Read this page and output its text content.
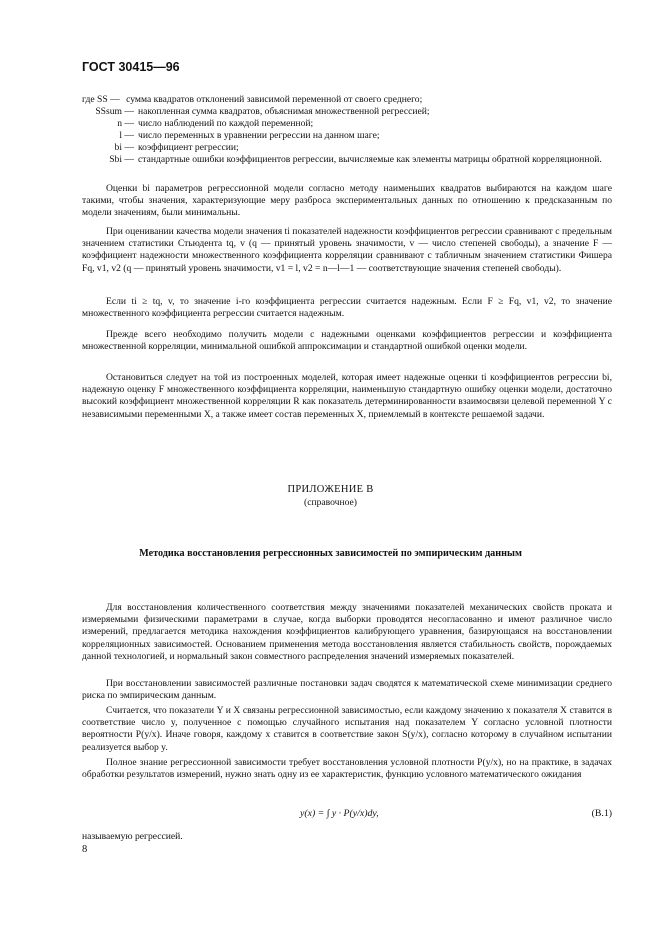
ГОСТ 30415—96
где SS —
сумма квадратов отклонений зависимой переменной от своего среднего;
SSsum — накопленная сумма квадратов, объяснимая множественной регрессией;
n — число наблюдений по каждой переменной;
l — число переменных в уравнении регрессии на данном шаге;
bi — коэффициент регрессии;
Sbi — стандартные ошибки коэффициентов регрессии, вычисляемые как элементы матрицы обратной корреляционной.

Оценки bi параметров регрессионной модели согласно методу наименьших квадратов выбираются на каждом шаге такими, чтобы значения, характеризующие меру разброса экспериментальных данных по отношению к предсказанным по модели значениям, были минимальны.

При оценивании качества модели значения ti показателей надежности коэффициентов регрессии сравнивают с предельным значением статистики Стьюдента tq, v (q — принятый уровень значимости, v — число степеней свободы), а значение F — коэффициент надежности множественного коэффициента корреляции сравнивают с табличным значением статистики Фишера Fq, v1, v2 (q — принятый уровень значимости, v1 = l, v2 = n—l—1 — соответствующие значения степеней свободы).

Если ti ≥ tq, v, то значение i-го коэффициента регрессии считается надежным. Если F ≥ Fq, v1, v2, то значение множественного коэффициента регрессии считается надежным.

Прежде всего необходимо получить модели с надежными оценками коэффициентов регрессии и коэффициента множественной корреляции, минимальной ошибкой аппроксимации и стандартной ошибкой оценки модели.

Остановиться следует на той из построенных моделей, которая имеет надежные оценки ti коэффициентов регрессии bi, надежную оценку F множественного коэффициента корреляции, наименьшую стандартную ошибку оценки модели, достаточно высокий коэффициент множественной корреляции R как показатель детерминированности взаимосвязи целевой переменной Y с независимыми переменными X, а также имеет состав переменных X, приемлемый в контексте решаемой задачи.

ПРИЛОЖЕНИЕ В
(справочное)
Методика восстановления регрессионных зависимостей по эмпирическим данным

Для восстановления количественного соответствия между значениями показателей механических свойств проката и измеряемыми физическими параметрами в случае, когда выборки проводятся несогласованно и имеют различное число измерений, предлагается методика нахождения коэффициентов калибрующего уравнения, базирующаяся на восстановлении корреляционных зависимостей. Основанием применения метода восстановления является стабильность свойств, порождаемых данной технологией, и нормальный закон совместного распределения значений измеряемых показателей.

При восстановлении зависимостей различные постановки задач сводятся к математической схеме минимизации среднего риска по эмпирическим данным.

Считается, что показатели Y и X связаны регрессионной зависимостью, если каждому значению x показателя X ставится в соответствие число y, полученное с помощью случайного испытания над показателем Y согласно условной плотности вероятности P(y/x). Иначе говоря, каждому x ставится в соответствие закон S(y/x), согласно которому в случайном испытании реализуется выбор y.

Полное знание регрессионной зависимости требует восстановления условной плотности P(y/x), но на практике, в задачах обработки результатов измерений, нужно знать одну из ее характеристик, функцию условного математического ожидания

y(x) = ∫ y · P(y/x)dy,	(В.1)
называемую регрессией.
8
